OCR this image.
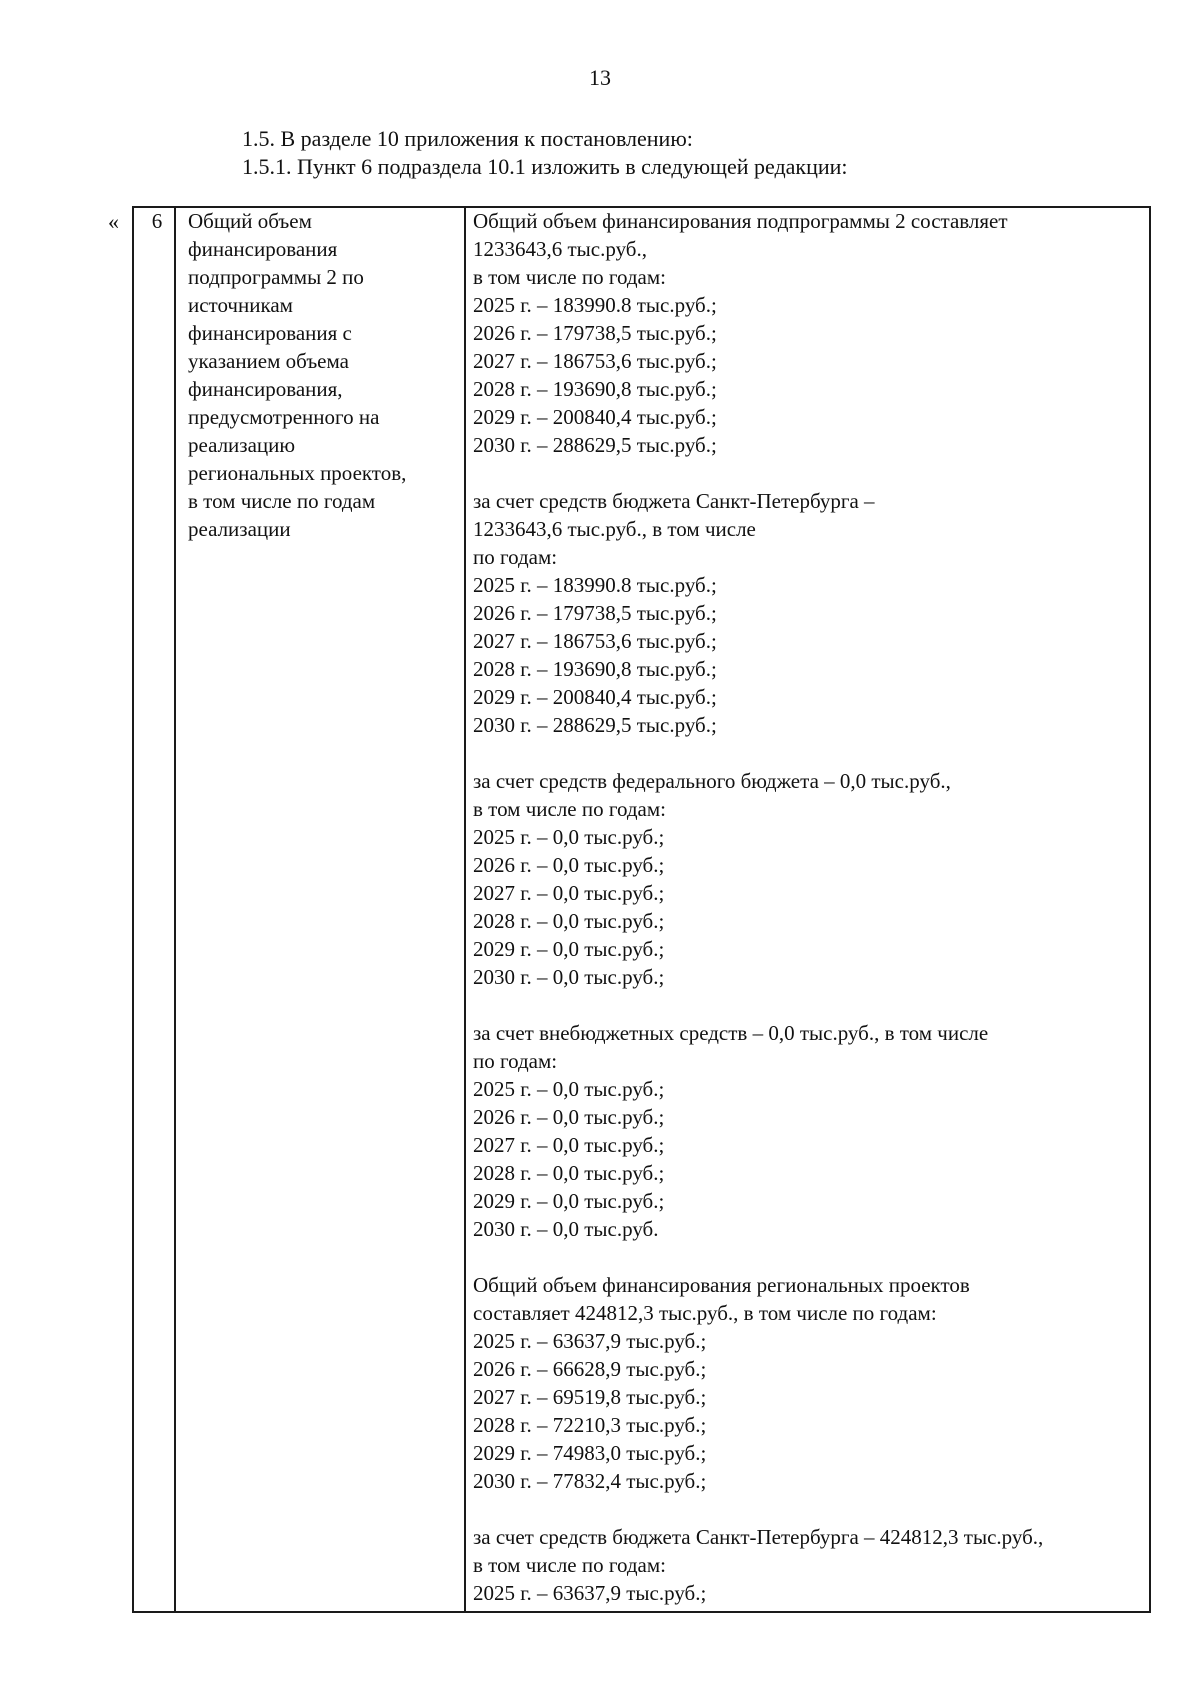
13
1.5. В разделе 10 приложения к постановлению:
1.5.1. Пункт 6 подраздела 10.1 изложить в следующей редакции:
«	6	Общий объем
финансирования
подпрограммы 2 по
источникам
финансирования с
указанием объема
финансирования,
предусмотренного на
реализацию
региональных проектов,
в том числе по годам
реализации
Общий объем финансирования подпрограммы 2 составляет
1233643,6 тыс.руб.,
в том числе по годам:
2025 г. – 183990.8 тыс.руб.;
2026 г. – 179738,5 тыс.руб.;
2027 г. – 186753,6 тыс.руб.;
2028 г. – 193690,8 тыс.руб.;
2029 г. – 200840,4 тыс.руб.;
2030 г. – 288629,5 тыс.руб.;
за счет средств бюджета Санкт-Петербурга –
1233643,6 тыс.руб., в том числе
по годам:
2025 г. – 183990.8 тыс.руб.;
2026 г. – 179738,5 тыс.руб.;
2027 г. – 186753,6 тыс.руб.;
2028 г. – 193690,8 тыс.руб.;
2029 г. – 200840,4 тыс.руб.;
2030 г. – 288629,5 тыс.руб.;
за счет средств федерального бюджета – 0,0 тыс.руб.,
в том числе по годам:
2025 г. – 0,0 тыс.руб.;
2026 г. – 0,0 тыс.руб.;
2027 г. – 0,0 тыс.руб.;
2028 г. – 0,0 тыс.руб.;
2029 г. – 0,0 тыс.руб.;
2030 г. – 0,0 тыс.руб.;
за счет внебюджетных средств – 0,0 тыс.руб., в том числе
по годам:
2025 г. – 0,0 тыс.руб.;
2026 г. – 0,0 тыс.руб.;
2027 г. – 0,0 тыс.руб.;
2028 г. – 0,0 тыс.руб.;
2029 г. – 0,0 тыс.руб.;
2030 г. – 0,0 тыс.руб.
Общий объем финансирования региональных проектов
составляет 424812,3 тыс.руб., в том числе по годам:
2025 г. – 63637,9 тыс.руб.;
2026 г. – 66628,9 тыс.руб.;
2027 г. – 69519,8 тыс.руб.;
2028 г. – 72210,3 тыс.руб.;
2029 г. – 74983,0 тыс.руб.;
2030 г. – 77832,4 тыс.руб.;
за счет средств бюджета Санкт-Петербурга – 424812,3 тыс.руб.,
в том числе по годам:
2025 г. – 63637,9 тыс.руб.;
